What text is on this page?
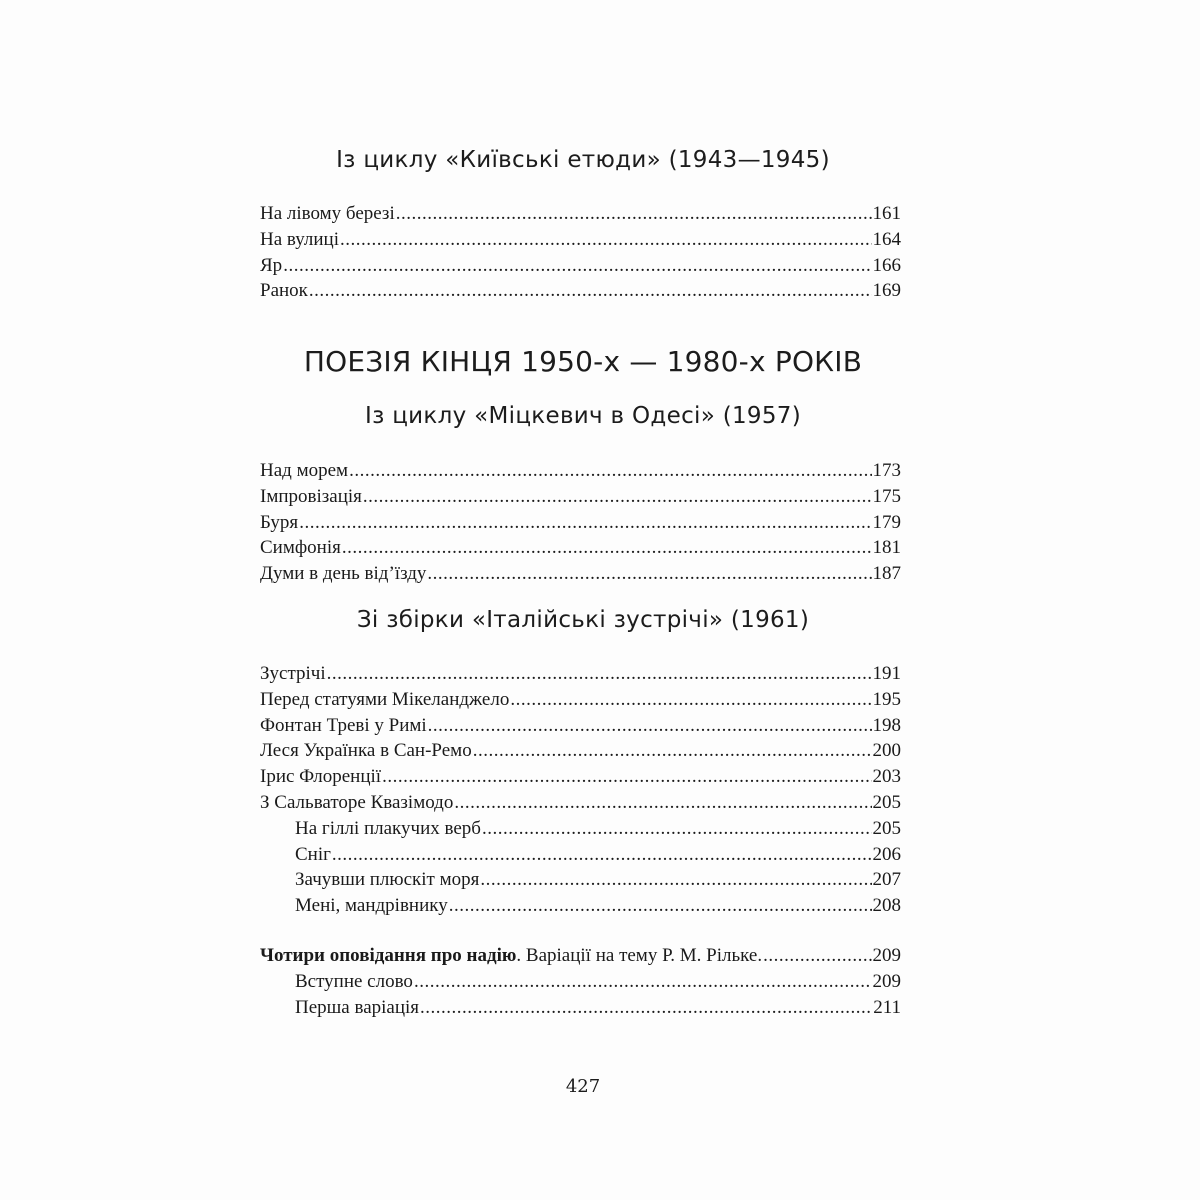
Із циклу «Київські етюди» (1943—1945)
На лівому березі .....	161
На вулиці .....	164
Яр .....	166
Ранок .....	169
ПОЕЗІЯ КІНЦЯ 1950-х — 1980-х РОКІВ
Із циклу «Міцкевич в Одесі» (1957)
Над морем .....	173
Імпровізація .....	175
Буря .....	179
Симфонія .....	181
Думи в день від’їзду .....	187
Зі збірки «Італійські зустрічі» (1961)
Зустрічі .....	191
Перед статуями Мікеланджело .....	195
Фонтан Треві у Римі .....	198
Леся Українка в Сан-Ремо .....	200
Ірис Флоренції .....	203
З Сальваторе Квазімодо .....	205
На гіллі плакучих верб .....	205
Сніг .....	206
Зачувши плюскіт моря .....	207
Мені, мандрівнику .....	208
Чотири оповідання про надію. Варіації на тему Р. М. Рільке. .....	209
Вступне слово .....	209
Перша варіація .....	211
427
